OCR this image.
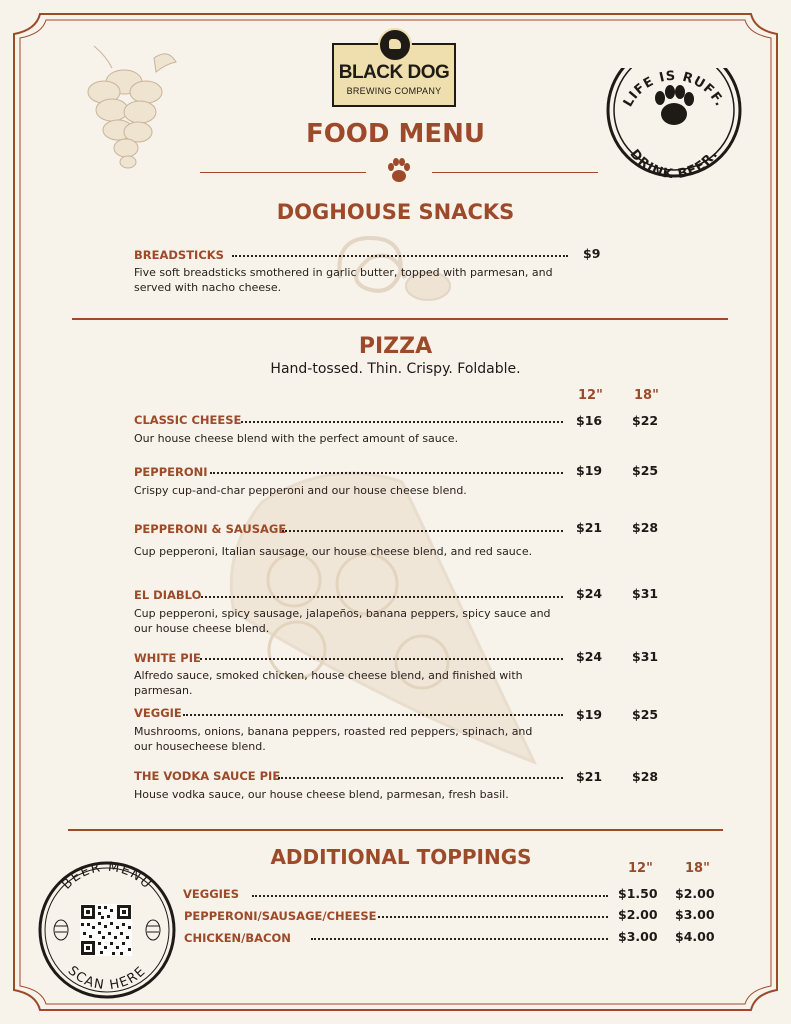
BLACK DOG
BREWING COMPANY
LIFE IS RUFF.
DRINK BEER.
FOOD MENU
DOGHOUSE SNACKS
BREADSTICKS	$9
Five soft breadsticks smothered in garlic butter, topped with parmesan, and served with nacho cheese.
PIZZA
Hand-tossed. Thin. Crispy. Foldable.
12" 18"
CLASSIC CHEESE	$16 $22
Our house cheese blend with the perfect amount of sauce.
PEPPERONI	$19 $25
Crispy cup-and-char pepperoni and our house cheese blend.
PEPPERONI & SAUSAGE	$21 $28
Cup pepperoni, Italian sausage, our house cheese blend, and red sauce.
EL DIABLO	$24 $31
Cup pepperoni, spicy sausage, jalapeños, banana peppers, spicy sauce and our house cheese blend.
WHITE PIE	$24 $31
Alfredo sauce, smoked chicken, house cheese blend, and finished with parmesan.
VEGGIE	$19 $25
Mushrooms, onions, banana peppers, roasted red peppers, spinach, and our housecheese blend.
THE VODKA SAUCE PIE	$21 $28
House vodka sauce, our house cheese blend, parmesan, fresh basil.
ADDITIONAL TOPPINGS	12" 18"
VEGGIES	$1.50 $2.00
PEPPERONI/SAUSAGE/CHEESE	$2.00 $3.00
CHICKEN/BACON	$3.00 $4.00
BEER MENU
SCAN HERE
